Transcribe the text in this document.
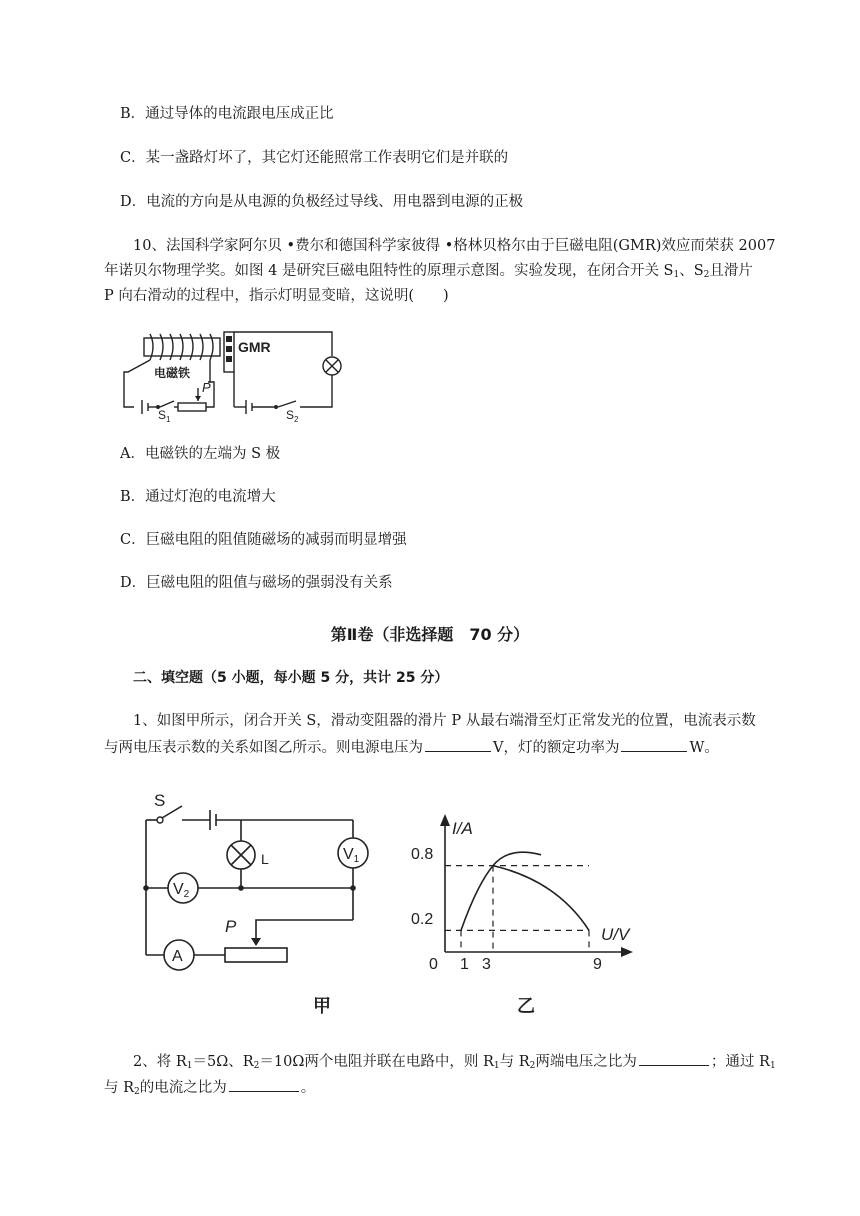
B．通过导体的电流跟电压成正比
C．某一盏路灯坏了，其它灯还能照常工作表明它们是并联的
D．电流的方向是从电源的负极经过导线、用电器到电源的正极
10、法国科学家阿尔贝 •费尔和德国科学家彼得 •格林贝格尔由于巨磁电阻(GMR)效应而荣获 2007
年诺贝尔物理学奖。如图 4 是研究巨磁电阻特性的原理示意图。实验发现，在闭合开关 $S_1$、$S_2$且滑片
P 向右滑动的过程中，指示灯明显变暗，这说明(　　)
GMR
电磁铁
P
$S_1$	$S_2$
A．电磁铁的左端为 S 极
B．通过灯泡的电流增大
C．巨磁电阻的阻值随磁场的减弱而明显增强
D．巨磁电阻的阻值与磁场的强弱没有关系
第Ⅱ卷（非选择题　70 分）
二、填空题（5 小题，每小题 5 分，共计 25 分）
1、如图甲所示，闭合开关 S，滑动变阻器的滑片 P 从最右端滑至灯正常发光的位置，电流表示数
与两电压表示数的关系如图乙所示。则电源电压为	V，灯的额定功率为	W。
S
L	V1
V2
A
P
甲
I/A
U/V
0
0.8
0.2
1 3	9
乙
2、将 $R_1=5\Omega$、$R_2=10\Omega$两个电阻并联在电路中，则 $R_1$与 $R_2$两端电压之比为	；通过 $R_1$
与 $R_2$的电流之比为	。
